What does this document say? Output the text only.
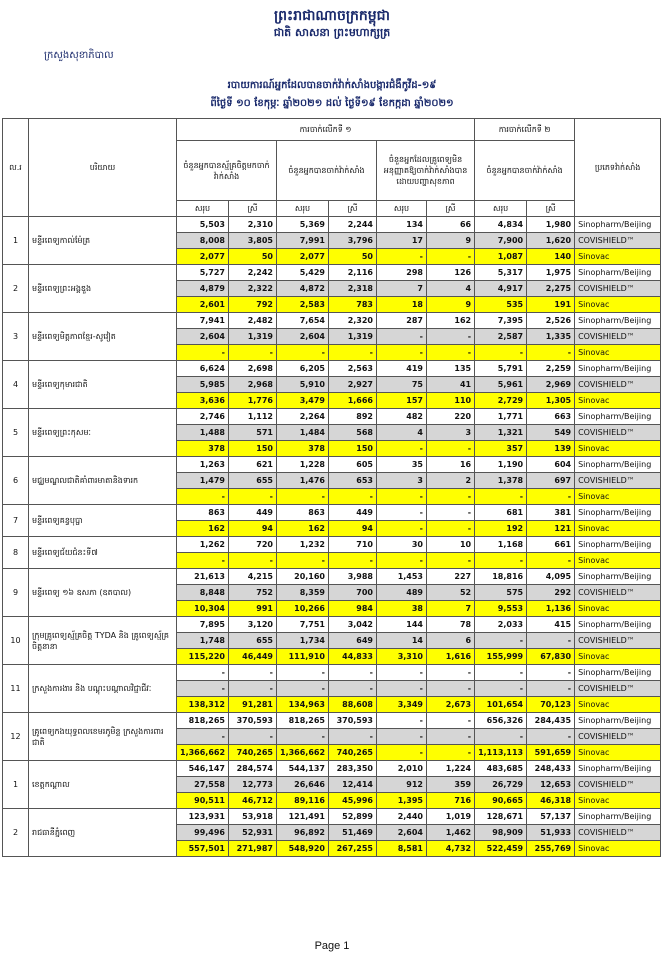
ព្រះរាជាណាចក្រកម្ពុជា
ជាតិ សាសនា ព្រះមហាក្សត្រ
ក្រសួងសុខាភិបាល
របាយការណ៍អ្នកដែលបានចាក់វ៉ាក់សាំងបង្ការជំងឺកូវីដ-១៩
ពីថ្ងៃទី ១០ ខែកុម្ភៈ ឆ្នាំ២០២១ ដល់ ថ្ងៃទី១៩ ខែកក្កដា ឆ្នាំ២០២១
ល.រ	បរិយាយ	ការចាក់លើកទី ១						ការចាក់លើកទី ២		ប្រភេទវ៉ាក់សាំង
		ចំនួនអ្នកបានស្ម័គ្រចិត្តមកចាក់វ៉ាក់សាំង		ចំនួនអ្នកបានចាក់វ៉ាក់សាំង		ចំនួនអ្នកដែលគ្រូពេទ្យមិនអនុញ្ញាតឱ្យចាក់វ៉ាក់សាំងបានដោយបញ្ហាសុខភាព		ចំនួនអ្នកបានចាក់វ៉ាក់សាំង		
		សរុប	ស្រី	សរុប	ស្រី	សរុប	ស្រី	សរុប	ស្រី	
1	មន្ទីរពេទ្យកាល់ម៉ែត្រ	5,503	2,310	5,369	2,244	134	66	4,834	1,980	Sinopharm/Beijing
		8,008	3,805	7,991	3,796	17	9	7,900	1,620	COVISHIELD™
		2,077	50	2,077	50	-	-	1,087	140	Sinovac
2	មន្ទីរពេទ្យព្រះអង្គឌួង	5,727	2,242	5,429	2,116	298	126	5,317	1,975	Sinopharm/Beijing
		4,879	2,322	4,872	2,318	7	4	4,917	2,275	COVISHIELD™
		2,601	792	2,583	783	18	9	535	191	Sinovac
3	មន្ទីរពេទ្យមិត្តភាពខ្មែរ-សូវៀត	7,941	2,482	7,654	2,320	287	162	7,395	2,526	Sinopharm/Beijing
		2,604	1,319	2,604	1,319	-	-	2,587	1,335	COVISHIELD™
		-	-	-	-	-	-	-	-	Sinovac
4	មន្ទីរពេទ្យកុមារជាតិ	6,624	2,698	6,205	2,563	419	135	5,791	2,259	Sinopharm/Beijing
		5,985	2,968	5,910	2,927	75	41	5,961	2,969	COVISHIELD™
		3,636	1,776	3,479	1,666	157	110	2,729	1,305	Sinovac
5	មន្ទីរពេទ្យព្រះកុសមៈ	2,746	1,112	2,264	892	482	220	1,771	663	Sinopharm/Beijing
		1,488	571	1,484	568	4	3	1,321	549	COVISHIELD™
		378	150	378	150	-	-	357	139	Sinovac
6	មជ្ឈមណ្ឌលជាតិគាំពារមាតានិងទារក	1,263	621	1,228	605	35	16	1,190	604	Sinopharm/Beijing
		1,479	655	1,476	653	3	2	1,378	697	COVISHIELD™
		-	-	-	-	-	-	-	-	Sinovac
7	មន្ទីរពេទ្យគន្ធបុប្ផា	863	449	863	449	-	-	681	381	Sinopharm/Beijing
		162	94	162	94	-	-	192	121	Sinovac
8	មន្ទីរពេទ្យជ័យជំនះទី៧	1,262	720	1,232	710	30	10	1,168	661	Sinopharm/Beijing
		-	-	-	-	-	-	-	-	Sinovac
9	មន្ទីរពេទ្យ ១៦ ឧសភា (ឧតបាល)	21,613	4,215	20,160	3,988	1,453	227	18,816	4,095	Sinopharm/Beijing
		8,848	752	8,359	700	489	52	575	292	COVISHIELD™
		10,304	991	10,266	984	38	7	9,553	1,136	Sinovac
10	ក្រុមគ្រូពេទ្យស្ម័គ្រចិត្ត TYDA និង គ្រូពេទ្យស្ម័គ្រចិត្តនានា	7,895	3,120	7,751	3,042	144	78	2,033	415	Sinopharm/Beijing
		1,748	655	1,734	649	14	6	-	-	COVISHIELD™
		115,220	46,449	111,910	44,833	3,310	1,616	155,999	67,830	Sinovac
11	ក្រសួងការងារ និង បណ្តុះបណ្តាលវិជ្ជាជីវៈ	-	-	-	-	-	-	-	-	Sinopharm/Beijing
		-	-	-	-	-	-	-	-	COVISHIELD™
		138,312	91,281	134,963	88,608	3,349	2,673	101,654	70,123	Sinovac
12	គ្រូពេទ្យកងយុទ្ធពលខេមរភូមិន្ទ ក្រសួងការពារជាតិ	818,265	370,593	818,265	370,593	-	-	656,326	284,435	Sinopharm/Beijing
		-	-	-	-	-	-	-	-	COVISHIELD™
		1,366,662	740,265	1,366,662	740,265	-	-	1,113,113	591,659	Sinovac
1	ខេត្តកណ្ដាល	546,147	284,574	544,137	283,350	2,010	1,224	483,685	248,433	Sinopharm/Beijing
		27,558	12,773	26,646	12,414	912	359	26,729	12,653	COVISHIELD™
		90,511	46,712	89,116	45,996	1,395	716	90,665	46,318	Sinovac
2	រាជធានីភ្នំពេញ	123,931	53,918	121,491	52,899	2,440	1,019	128,671	57,137	Sinopharm/Beijing
		99,496	52,931	96,892	51,469	2,604	1,462	98,909	51,933	COVISHIELD™
		557,501	271,987	548,920	267,255	8,581	4,732	522,459	255,769	Sinovac
Page 1
